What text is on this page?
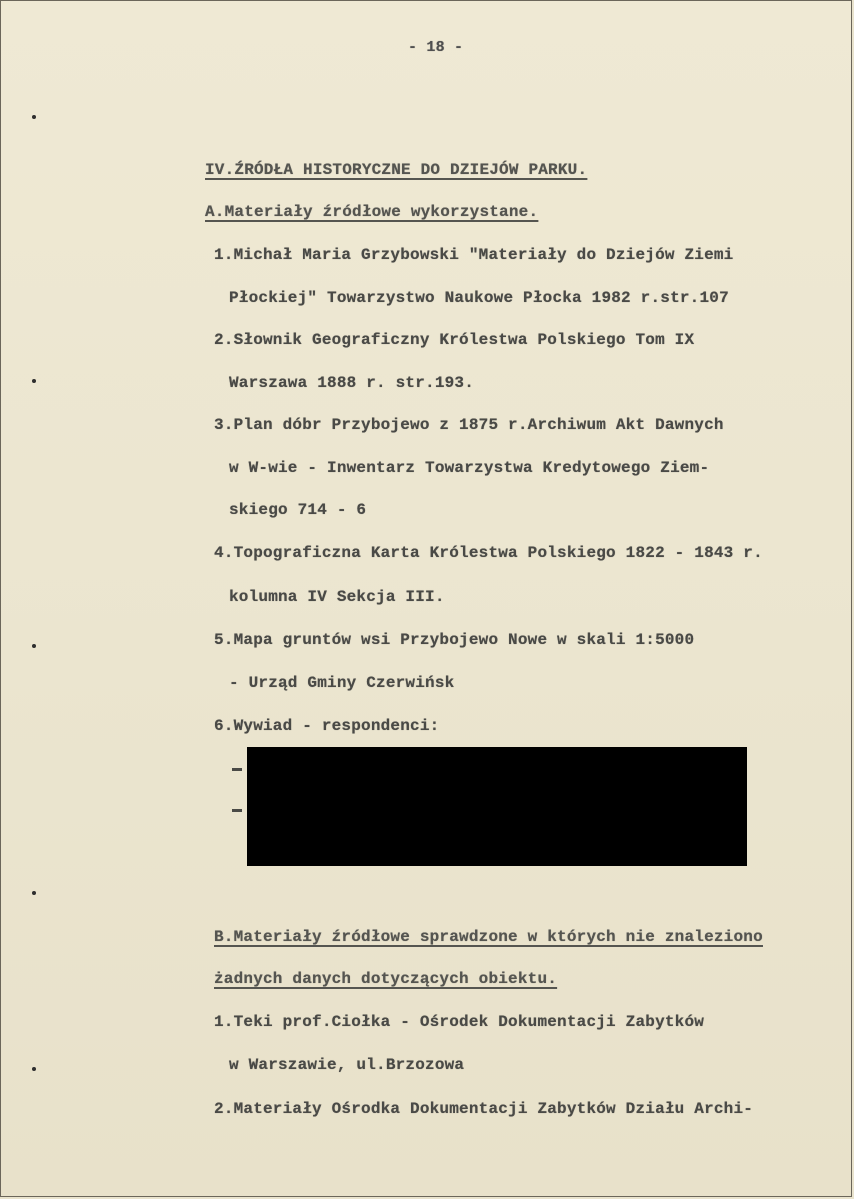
- 18 -
IV.ŹRÓDŁA HISTORYCZNE DO DZIEJÓW PARKU.
A.Materiały źródłowe wykorzystane.
1.Michał Maria Grzybowski "Materiały do Dziejów Ziemi
Płockiej" Towarzystwo Naukowe Płocka 1982 r.str.107
2.Słownik Geograficzny Królestwa Polskiego Tom IX
Warszawa 1888 r. str.193.
3.Plan dóbr Przybojewo z 1875 r.Archiwum Akt Dawnych
w W-wie - Inwentarz Towarzystwa Kredytowego Ziem-
skiego 714 - 6
4.Topograficzna Karta Królestwa Polskiego 1822 - 1843 r.
kolumna IV Sekcja III.
5.Mapa gruntów wsi Przybojewo Nowe w skali 1:5000
- Urząd Gminy Czerwińsk
6.Wywiad - respondenci:
B.Materiały źródłowe sprawdzone w których nie znaleziono
żadnych danych dotyczących obiektu.
1.Teki prof.Ciołka - Ośrodek Dokumentacji Zabytków
w Warszawie, ul.Brzozowa
2.Materiały Ośrodka Dokumentacji Zabytków Działu Archi-
